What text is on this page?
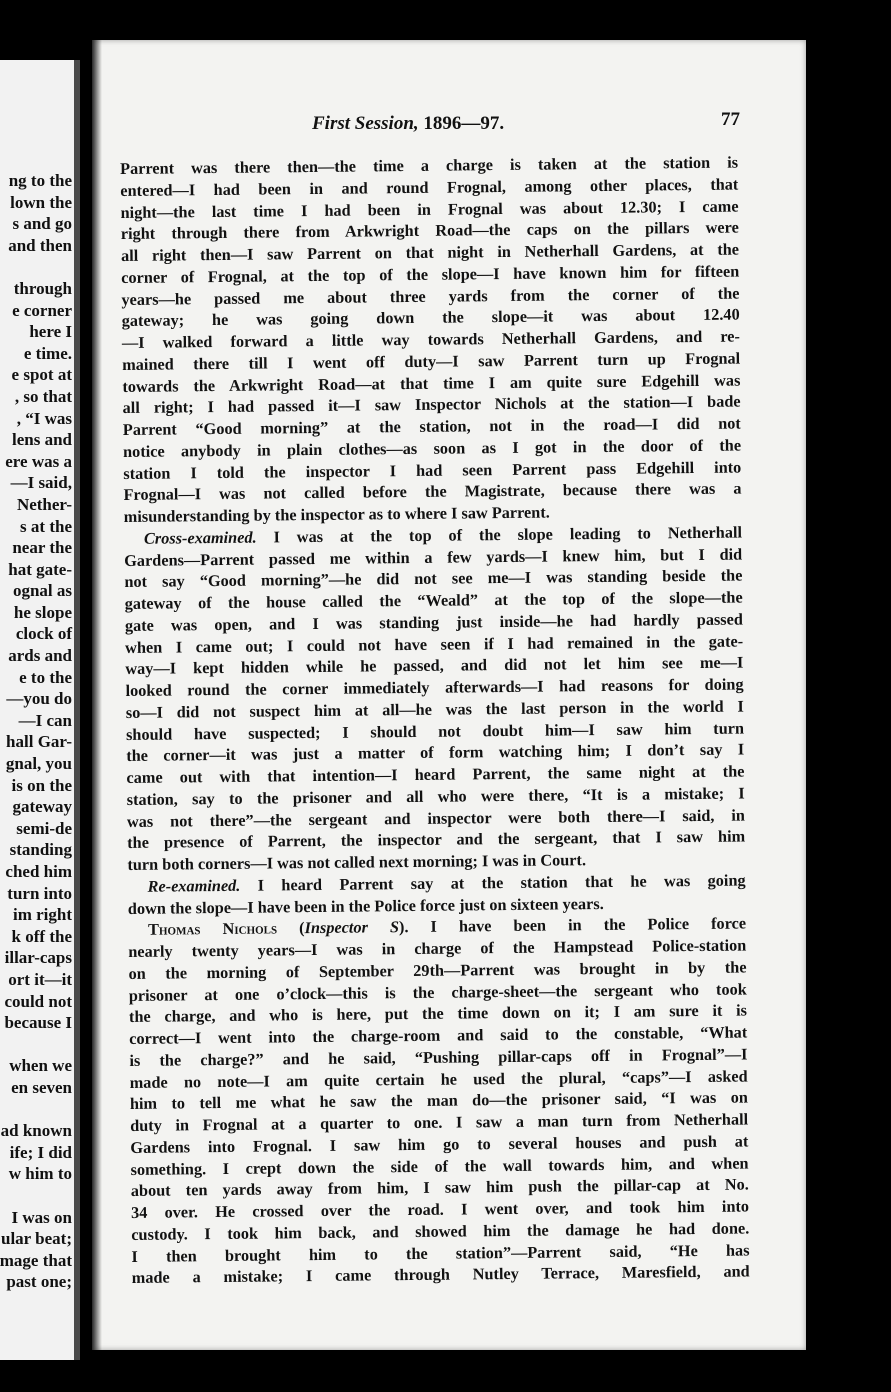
ng to the
lown the
s and go
and then
through
e corner
here I
e time.
e spot at
, so that
, “I was
lens and
ere was a
—I said,
Nether-
s at the
near the
hat gate-
ognal as
he slope
clock of
ards and
e to the
—you do
—I can
hall Gar-
gnal, you
is on the
gateway
semi-de
standing
ched him
turn into
im right
k off the
illar-caps
ort it—it
could not
because I
when we
en seven
ad known
ife; I did
w him to
I was on
ular beat;
mage that
past one;
First Session, 1896—97.	77
Parrent was there then—the time a charge is taken at the station is
entered—I had been in and round Frognal, among other places, that
night—the last time I had been in Frognal was about 12.30; I came
right through there from Arkwright Road—the caps on the pillars were
all right then—I saw Parrent on that night in Netherhall Gardens, at the
corner of Frognal, at the top of the slope—I have known him for fifteen
years—he passed me about three yards from the corner of the
gateway; he was going down the slope—it was about 12.40
—I walked forward a little way towards Netherhall Gardens, and re-
mained there till I went off duty—I saw Parrent turn up Frognal
towards the Arkwright Road—at that time I am quite sure Edgehill was
all right; I had passed it—I saw Inspector Nichols at the station—I bade
Parrent “Good morning” at the station, not in the road—I did not
notice anybody in plain clothes—as soon as I got in the door of the
station I told the inspector I had seen Parrent pass Edgehill into
Frognal—I was not called before the Magistrate, because there was a
misunderstanding by the inspector as to where I saw Parrent.
Cross-examined. I was at the top of the slope leading to Netherhall
Gardens—Parrent passed me within a few yards—I knew him, but I did
not say “Good morning”—he did not see me—I was standing beside the
gateway of the house called the “Weald” at the top of the slope—the
gate was open, and I was standing just inside—he had hardly passed
when I came out; I could not have seen if I had remained in the gate-
way—I kept hidden while he passed, and did not let him see me—I
looked round the corner immediately afterwards—I had reasons for doing
so—I did not suspect him at all—he was the last person in the world I
should have suspected; I should not doubt him—I saw him turn
the corner—it was just a matter of form watching him; I don’t say I
came out with that intention—I heard Parrent, the same night at the
station, say to the prisoner and all who were there, “It is a mistake; I
was not there”—the sergeant and inspector were both there—I said, in
the presence of Parrent, the inspector and the sergeant, that I saw him
turn both corners—I was not called next morning; I was in Court.
Re-examined. I heard Parrent say at the station that he was going
down the slope—I have been in the Police force just on sixteen years.
Thomas Nichols (Inspector S). I have been in the Police force
nearly twenty years—I was in charge of the Hampstead Police-station
on the morning of September 29th—Parrent was brought in by the
prisoner at one o’clock—this is the charge-sheet—the sergeant who took
the charge, and who is here, put the time down on it; I am sure it is
correct—I went into the charge-room and said to the constable, “What
is the charge?” and he said, “Pushing pillar-caps off in Frognal”—I
made no note—I am quite certain he used the plural, “caps”—I asked
him to tell me what he saw the man do—the prisoner said, “I was on
duty in Frognal at a quarter to one. I saw a man turn from Netherhall
Gardens into Frognal. I saw him go to several houses and push at
something. I crept down the side of the wall towards him, and when
about ten yards away from him, I saw him push the pillar-cap at No.
34 over. He crossed over the road. I went over, and took him into
custody. I took him back, and showed him the damage he had done.
I then brought him to the station”—Parrent said, “He has
made a mistake; I came through Nutley Terrace, Maresfield, and
